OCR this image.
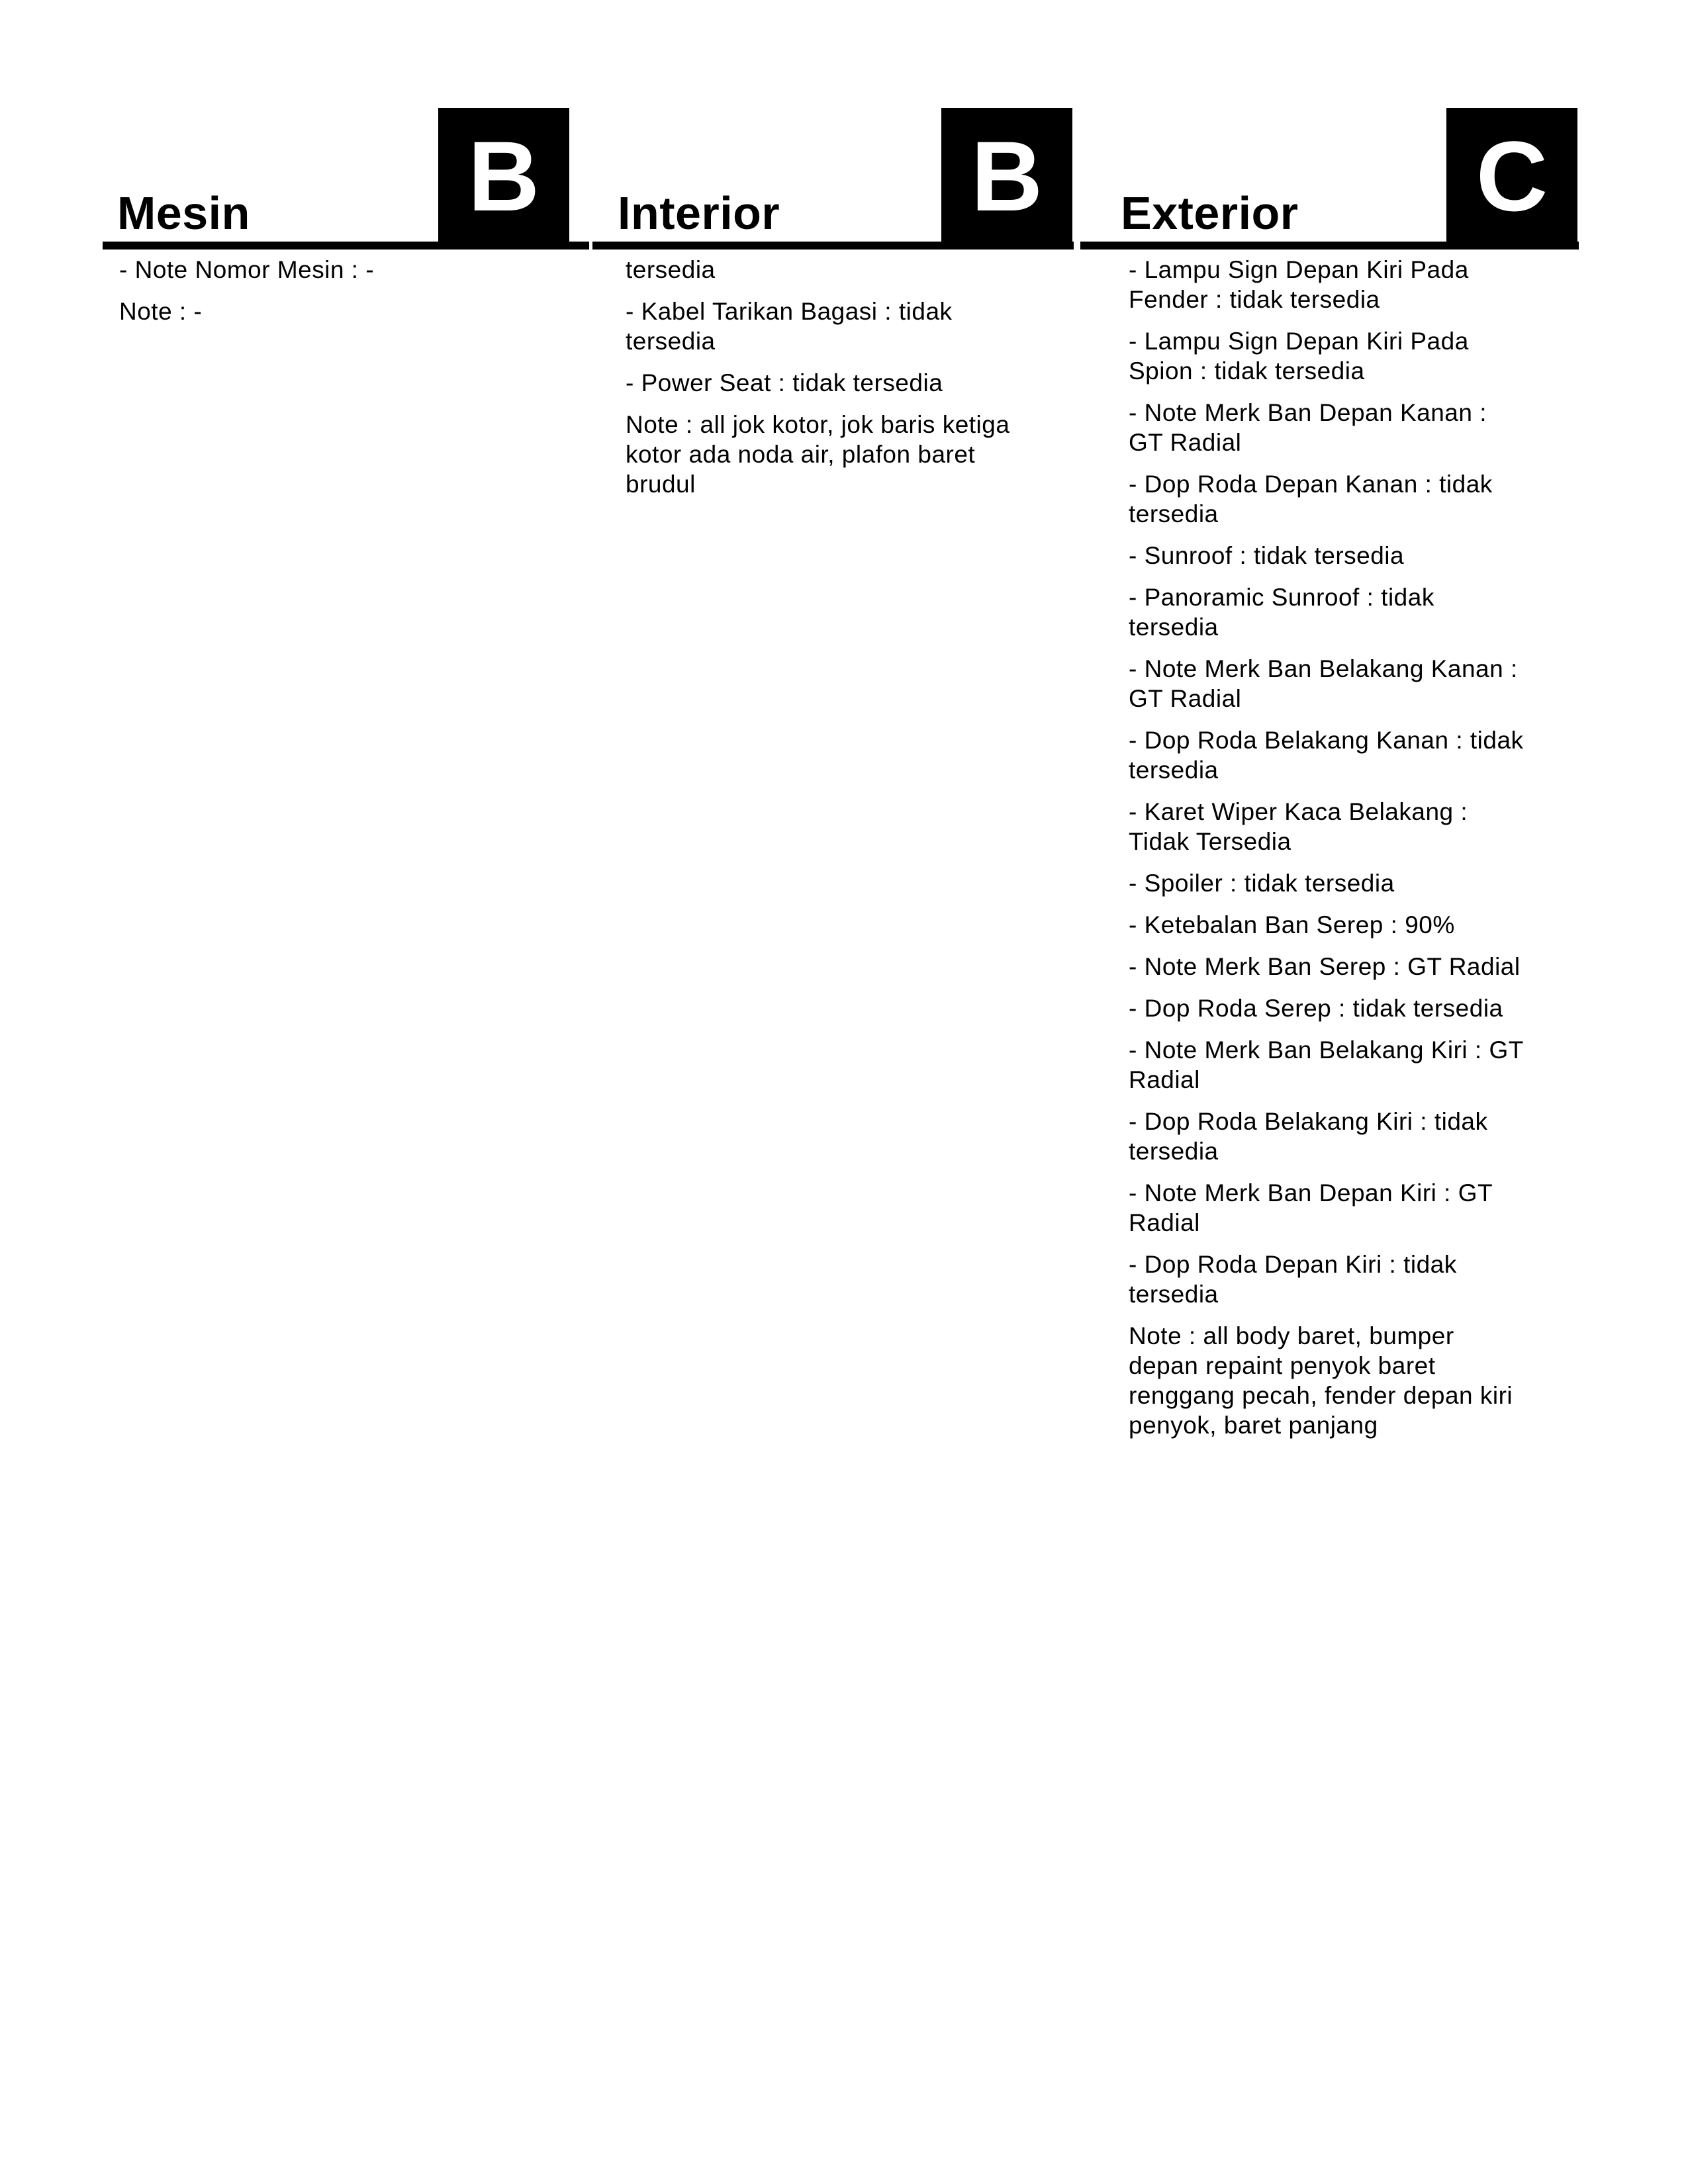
Mesin B

- Note Nomor Mesin : -

Note : -

Interior B

tersedia

- Kabel Tarikan Bagasi : tidak tersedia

- Power Seat : tidak tersedia

Note : all jok kotor, jok baris ketiga kotor ada noda air, plafon baret brudul

Exterior C

- Lampu Sign Depan Kiri Pada Fender : tidak tersedia

- Lampu Sign Depan Kiri Pada Spion : tidak tersedia

- Note Merk Ban Depan Kanan : GT Radial

- Dop Roda Depan Kanan : tidak tersedia

- Sunroof : tidak tersedia

- Panoramic Sunroof : tidak tersedia

- Note Merk Ban Belakang Kanan : GT Radial

- Dop Roda Belakang Kanan : tidak tersedia

- Karet Wiper Kaca Belakang : Tidak Tersedia

- Spoiler : tidak tersedia

- Ketebalan Ban Serep : 90%

- Note Merk Ban Serep : GT Radial

- Dop Roda Serep : tidak tersedia

- Note Merk Ban Belakang Kiri : GT Radial

- Dop Roda Belakang Kiri : tidak tersedia

- Note Merk Ban Depan Kiri : GT Radial

- Dop Roda Depan Kiri : tidak tersedia

Note : all body baret, bumper depan repaint penyok baret renggang pecah, fender depan kiri penyok, baret panjang
